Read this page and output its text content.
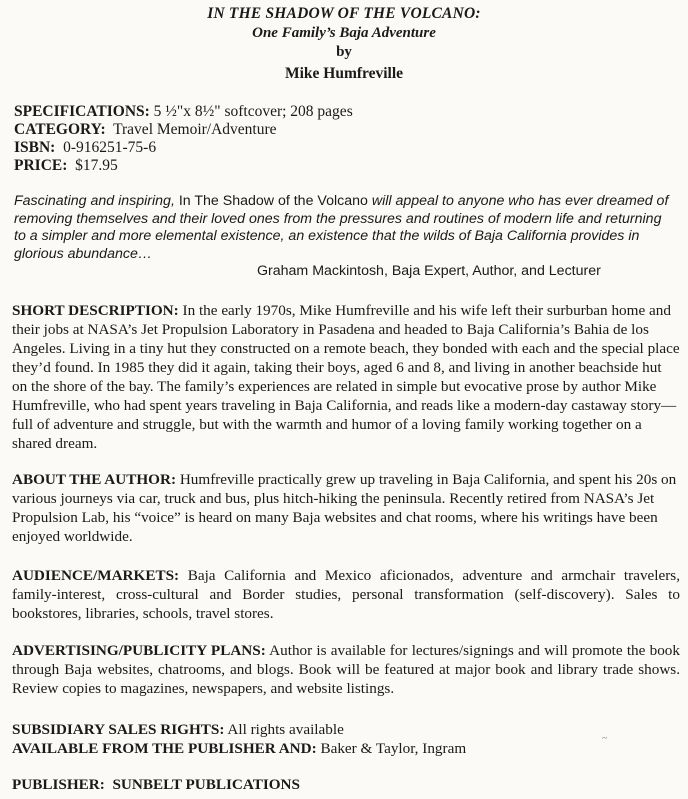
IN THE SHADOW OF THE VOLCANO:
One Family’s Baja Adventure
by
Mike Humfreville
SPECIFICATIONS: 5 ½"x 8½" softcover; 208 pages
CATEGORY: Travel Memoir/Adventure
ISBN: 0-916251-75-6
PRICE: $17.95
Fascinating and inspiring, In The Shadow of the Volcano will appeal to anyone who has ever dreamed of removing themselves and their loved ones from the pressures and routines of modern life and returning to a simpler and more elemental existence, an existence that the wilds of Baja California provides in glorious abundance…
Graham Mackintosh, Baja Expert, Author, and Lecturer
SHORT DESCRIPTION: In the early 1970s, Mike Humfreville and his wife left their surburban home and their jobs at NASA’s Jet Propulsion Laboratory in Pasadena and headed to Baja California’s Bahia de los Angeles. Living in a tiny hut they constructed on a remote beach, they bonded with each and the special place they’d found. In 1985 they did it again, taking their boys, aged 6 and 8, and living in another beachside hut on the shore of the bay. The family’s experiences are related in simple but evocative prose by author Mike Humfreville, who had spent years traveling in Baja California, and reads like a modern-day castaway story—full of adventure and struggle, but with the warmth and humor of a loving family working together on a shared dream.
ABOUT THE AUTHOR: Humfreville practically grew up traveling in Baja California, and spent his 20s on various journeys via car, truck and bus, plus hitch-hiking the peninsula. Recently retired from NASA’s Jet Propulsion Lab, his “voice” is heard on many Baja websites and chat rooms, where his writings have been enjoyed worldwide.
AUDIENCE/MARKETS: Baja California and Mexico aficionados, adventure and armchair travelers, family-interest, cross-cultural and Border studies, personal transformation (self-discovery). Sales to bookstores, libraries, schools, travel stores.
ADVERTISING/PUBLICITY PLANS: Author is available for lectures/signings and will promote the book through Baja websites, chatrooms, and blogs. Book will be featured at major book and library trade shows. Review copies to magazines, newspapers, and website listings.
SUBSIDIARY SALES RIGHTS: All rights available
AVAILABLE FROM THE PUBLISHER AND: Baker & Taylor, Ingram
~
PUBLISHER: SUNBELT PUBLICATIONS
